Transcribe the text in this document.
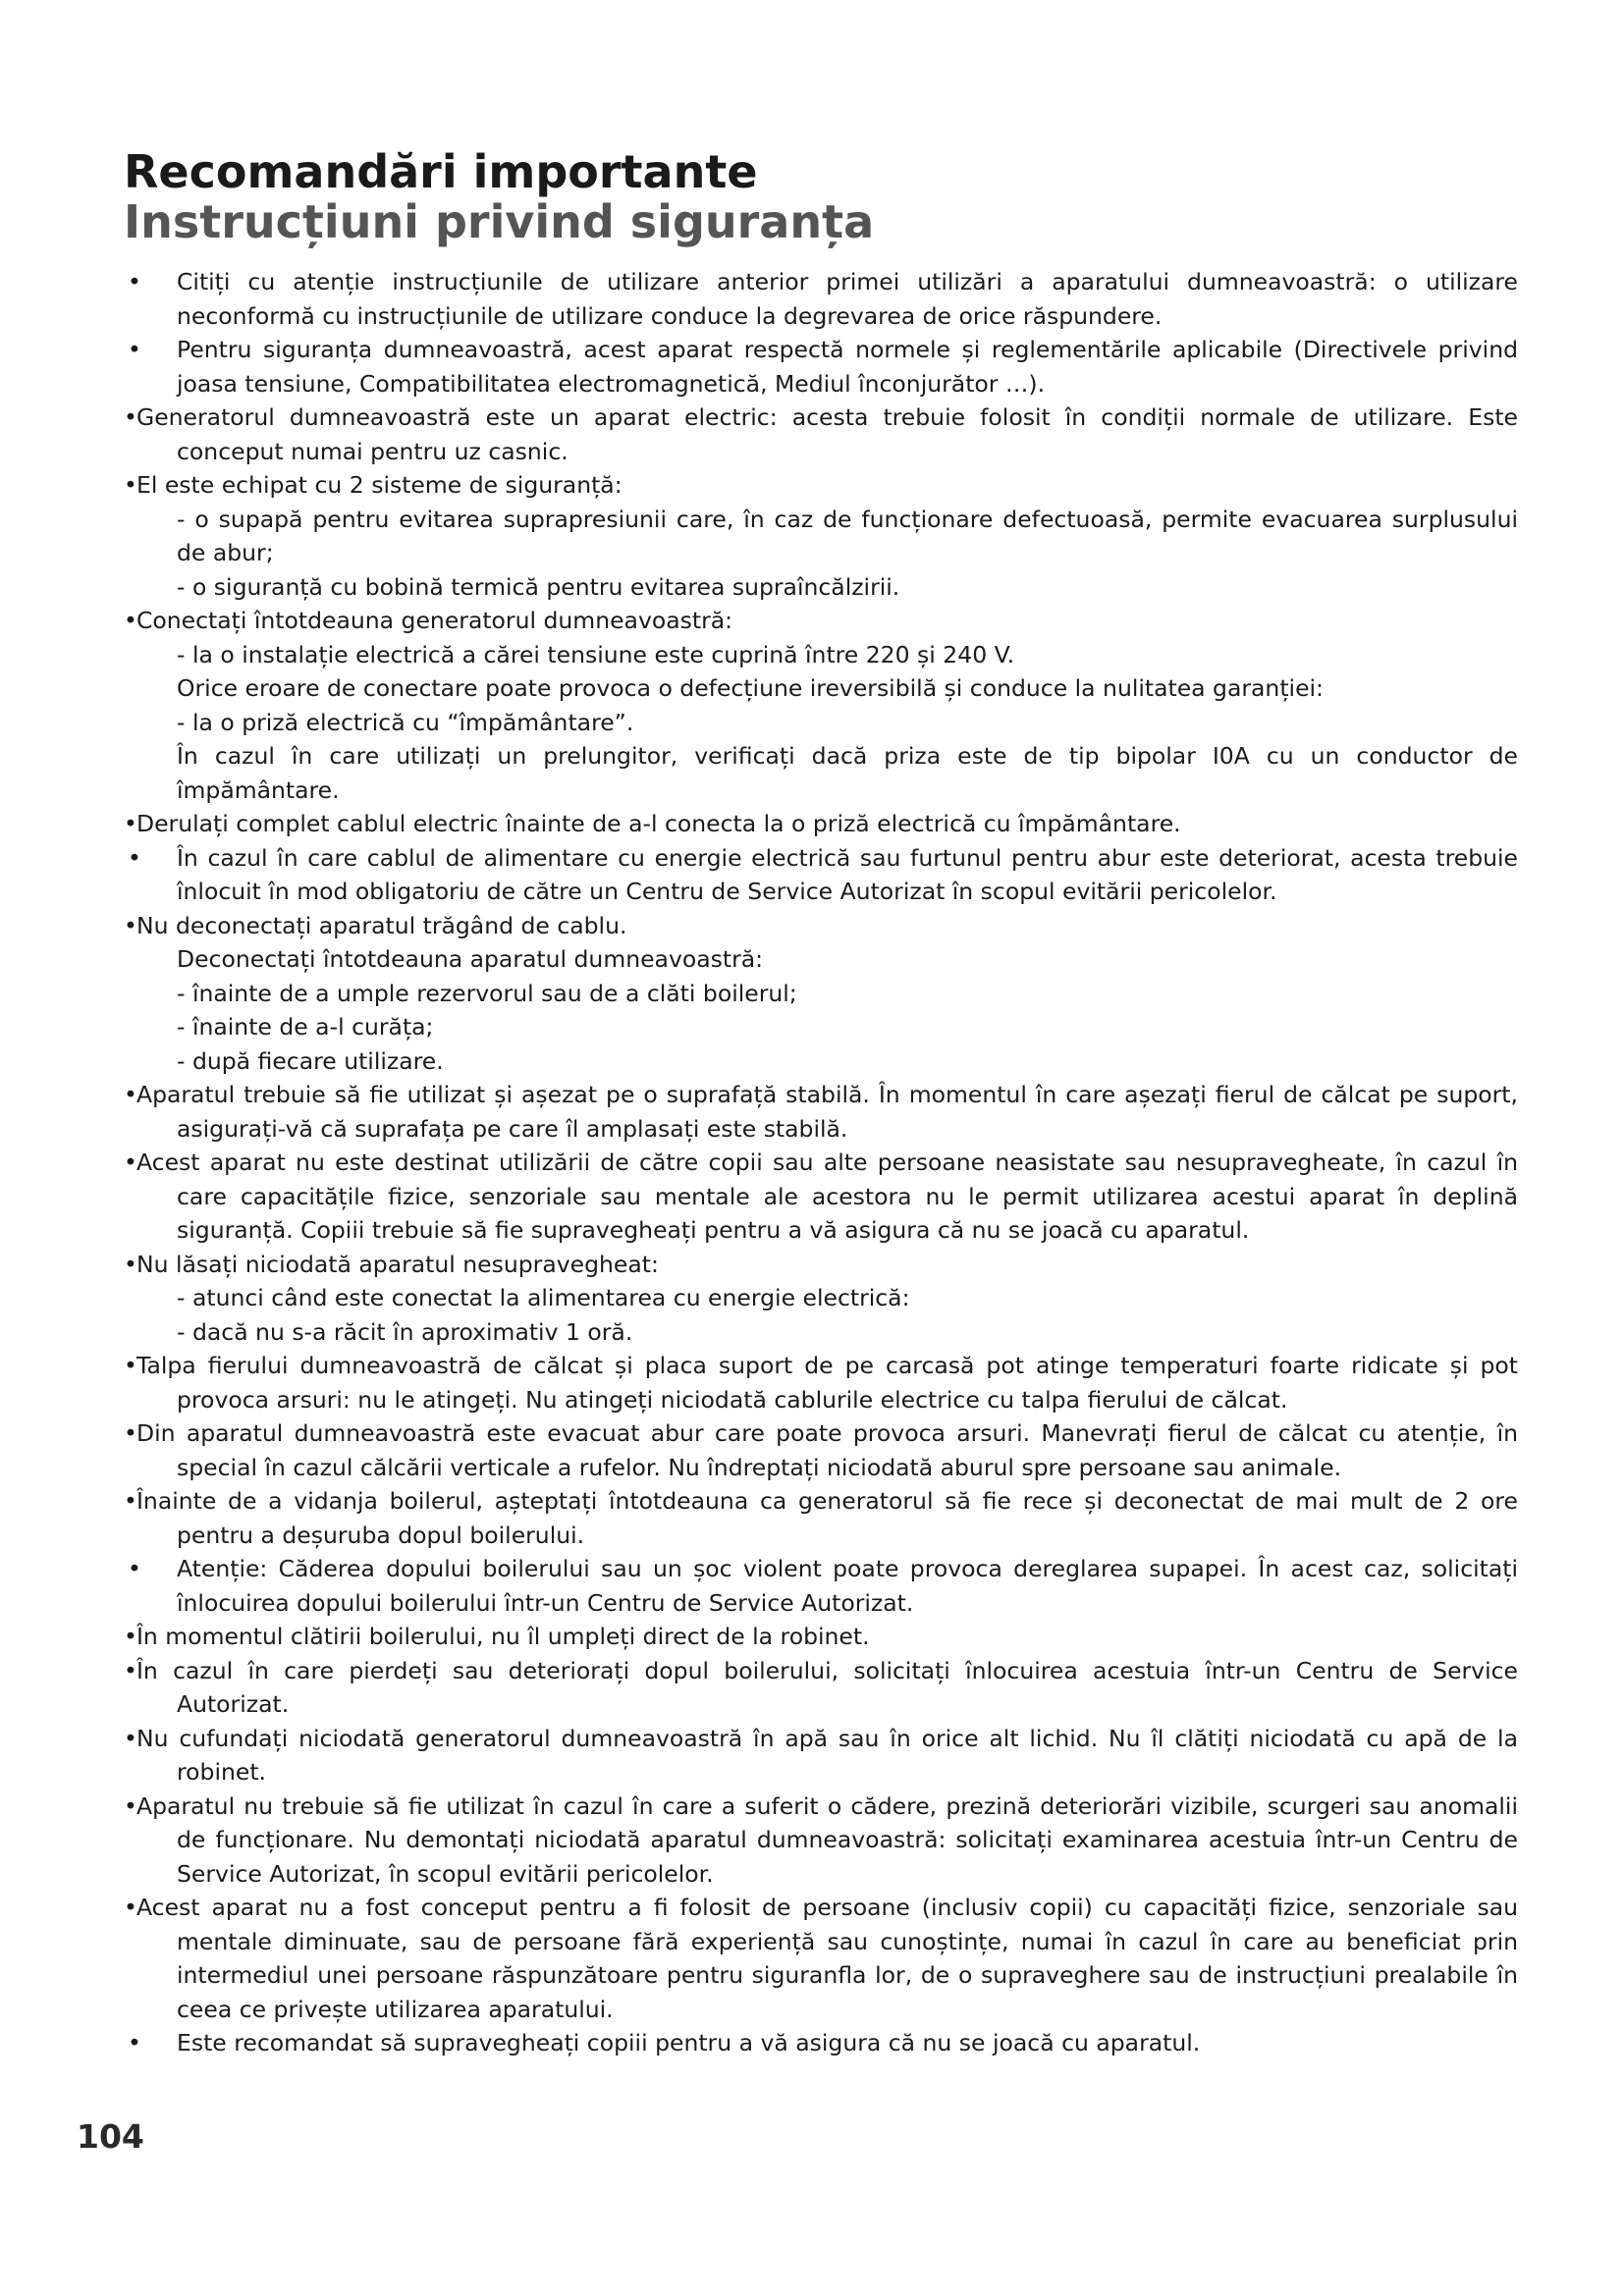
Recomandări importante
Instrucțiuni privind siguranța
• Citiți cu atenție instrucțiunile de utilizare anterior primei utilizări a aparatului dumneavoastră: o utilizare neconformă cu instrucțiunile de utilizare conduce la degrevarea de orice răspundere.
• Pentru siguranța dumneavoastră, acest aparat respectă normele și reglementările aplicabile (Directivele privind joasa tensiune, Compatibilitatea electromagnetică, Mediul înconjurător …).
•Generatorul dumneavoastră este un aparat electric: acesta trebuie folosit în condiții normale de utilizare. Este conceput numai pentru uz casnic.
•El este echipat cu 2 sisteme de siguranță:
- o supapă pentru evitarea suprapresiunii care, în caz de funcționare defectuoasă, permite evacuarea surplusului de abur;
- o siguranță cu bobină termică pentru evitarea supraîncălzirii.
•Conectați întotdeauna generatorul dumneavoastră:
- la o instalație electrică a cărei tensiune este cuprină între 220 și 240 V.
Orice eroare de conectare poate provoca o defecțiune ireversibilă și conduce la nulitatea garanției:
- la o priză electrică cu “împământare”.
În cazul în care utilizați un prelungitor, verificați dacă priza este de tip bipolar I0A cu un conductor de împământare.
•Derulați complet cablul electric înainte de a-l conecta la o priză electrică cu împământare.
• În cazul în care cablul de alimentare cu energie electrică sau furtunul pentru abur este deteriorat, acesta trebuie înlocuit în mod obligatoriu de către un Centru de Service Autorizat în scopul evitării pericolelor.
•Nu deconectați aparatul trăgând de cablu.
Deconectați întotdeauna aparatul dumneavoastră:
- înainte de a umple rezervorul sau de a clăti boilerul;
- înainte de a-l curăța;
- după fiecare utilizare.
•Aparatul trebuie să fie utilizat și așezat pe o suprafață stabilă. În momentul în care așezați fierul de călcat pe suport, asigurați-vă că suprafața pe care îl amplasați este stabilă.
•Acest aparat nu este destinat utilizării de către copii sau alte persoane neasistate sau nesupravegheate, în cazul în care capacitățile fizice, senzoriale sau mentale ale acestora nu le permit utilizarea acestui aparat în deplină siguranță. Copiii trebuie să fie supravegheați pentru a vă asigura că nu se joacă cu aparatul.
•Nu lăsați niciodată aparatul nesupravegheat:
- atunci când este conectat la alimentarea cu energie electrică:
- dacă nu s-a răcit în aproximativ 1 oră.
•Talpa fierului dumneavoastră de călcat și placa suport de pe carcasă pot atinge temperaturi foarte ridicate și pot provoca arsuri: nu le atingeți. Nu atingeți niciodată cablurile electrice cu talpa fierului de călcat.
•Din aparatul dumneavoastră este evacuat abur care poate provoca arsuri. Manevrați fierul de călcat cu atenție, în special în cazul călcării verticale a rufelor. Nu îndreptați niciodată aburul spre persoane sau animale.
•Înainte de a vidanja boilerul, așteptați întotdeauna ca generatorul să fie rece și deconectat de mai mult de 2 ore pentru a deșuruba dopul boilerului.
• Atenție: Căderea dopului boilerului sau un șoc violent poate provoca dereglarea supapei. În acest caz, solicitați înlocuirea dopului boilerului într-un Centru de Service Autorizat.
•În momentul clătirii boilerului, nu îl umpleți direct de la robinet.
•În cazul în care pierdeți sau deteriorați dopul boilerului, solicitați înlocuirea acestuia într-un Centru de Service Autorizat.
•Nu cufundați niciodată generatorul dumneavoastră în apă sau în orice alt lichid. Nu îl clătiți niciodată cu apă de la robinet.
•Aparatul nu trebuie să fie utilizat în cazul în care a suferit o cădere, prezină deteriorări vizibile, scurgeri sau anomalii de funcționare. Nu demontați niciodată aparatul dumneavoastră: solicitați examinarea acestuia într-un Centru de Service Autorizat, în scopul evitării pericolelor.
•Acest aparat nu a fost conceput pentru a fi folosit de persoane (inclusiv copii) cu capacități fizice, senzoriale sau mentale diminuate, sau de persoane fără experiență sau cunoștințe, numai în cazul în care au beneficiat prin intermediul unei persoane răspunzătoare pentru siguranfla lor, de o supraveghere sau de instrucțiuni prealabile în ceea ce privește utilizarea aparatului.
• Este recomandat să supravegheați copiii pentru a vă asigura că nu se joacă cu aparatul.

104
